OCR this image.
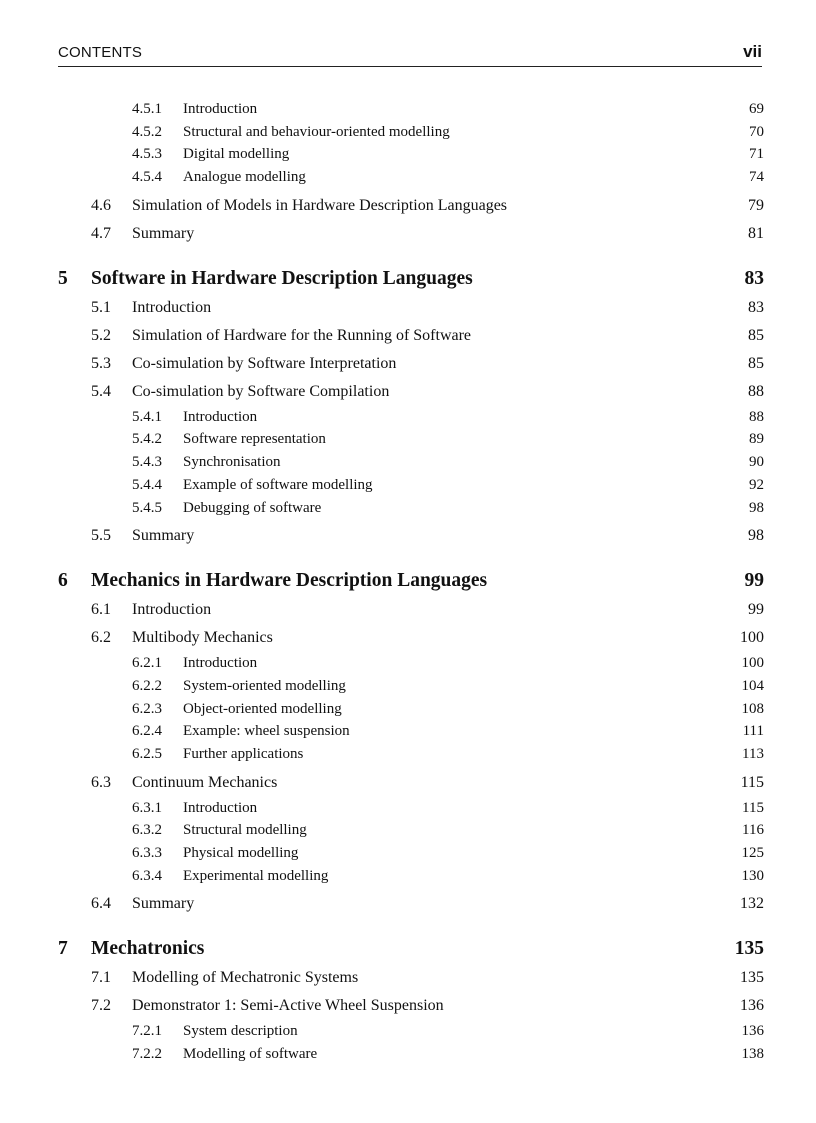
CONTENTS	vii
4.5.1	Introduction	69
4.5.2	Structural and behaviour-oriented modelling	70
4.5.3	Digital modelling	71
4.5.4	Analogue modelling	74
4.6	Simulation of Models in Hardware Description Languages	79
4.7	Summary	81
5	Software in Hardware Description Languages	83
5.1	Introduction	83
5.2	Simulation of Hardware for the Running of Software	85
5.3	Co-simulation by Software Interpretation	85
5.4	Co-simulation by Software Compilation	88
5.4.1	Introduction	88
5.4.2	Software representation	89
5.4.3	Synchronisation	90
5.4.4	Example of software modelling	92
5.4.5	Debugging of software	98
5.5	Summary	98
6	Mechanics in Hardware Description Languages	99
6.1	Introduction	99
6.2	Multibody Mechanics	100
6.2.1	Introduction	100
6.2.2	System-oriented modelling	104
6.2.3	Object-oriented modelling	108
6.2.4	Example: wheel suspension	111
6.2.5	Further applications	113
6.3	Continuum Mechanics	115
6.3.1	Introduction	115
6.3.2	Structural modelling	116
6.3.3	Physical modelling	125
6.3.4	Experimental modelling	130
6.4	Summary	132
7	Mechatronics	135
7.1	Modelling of Mechatronic Systems	135
7.2	Demonstrator 1: Semi-Active Wheel Suspension	136
7.2.1	System description	136
7.2.2	Modelling of software	138
